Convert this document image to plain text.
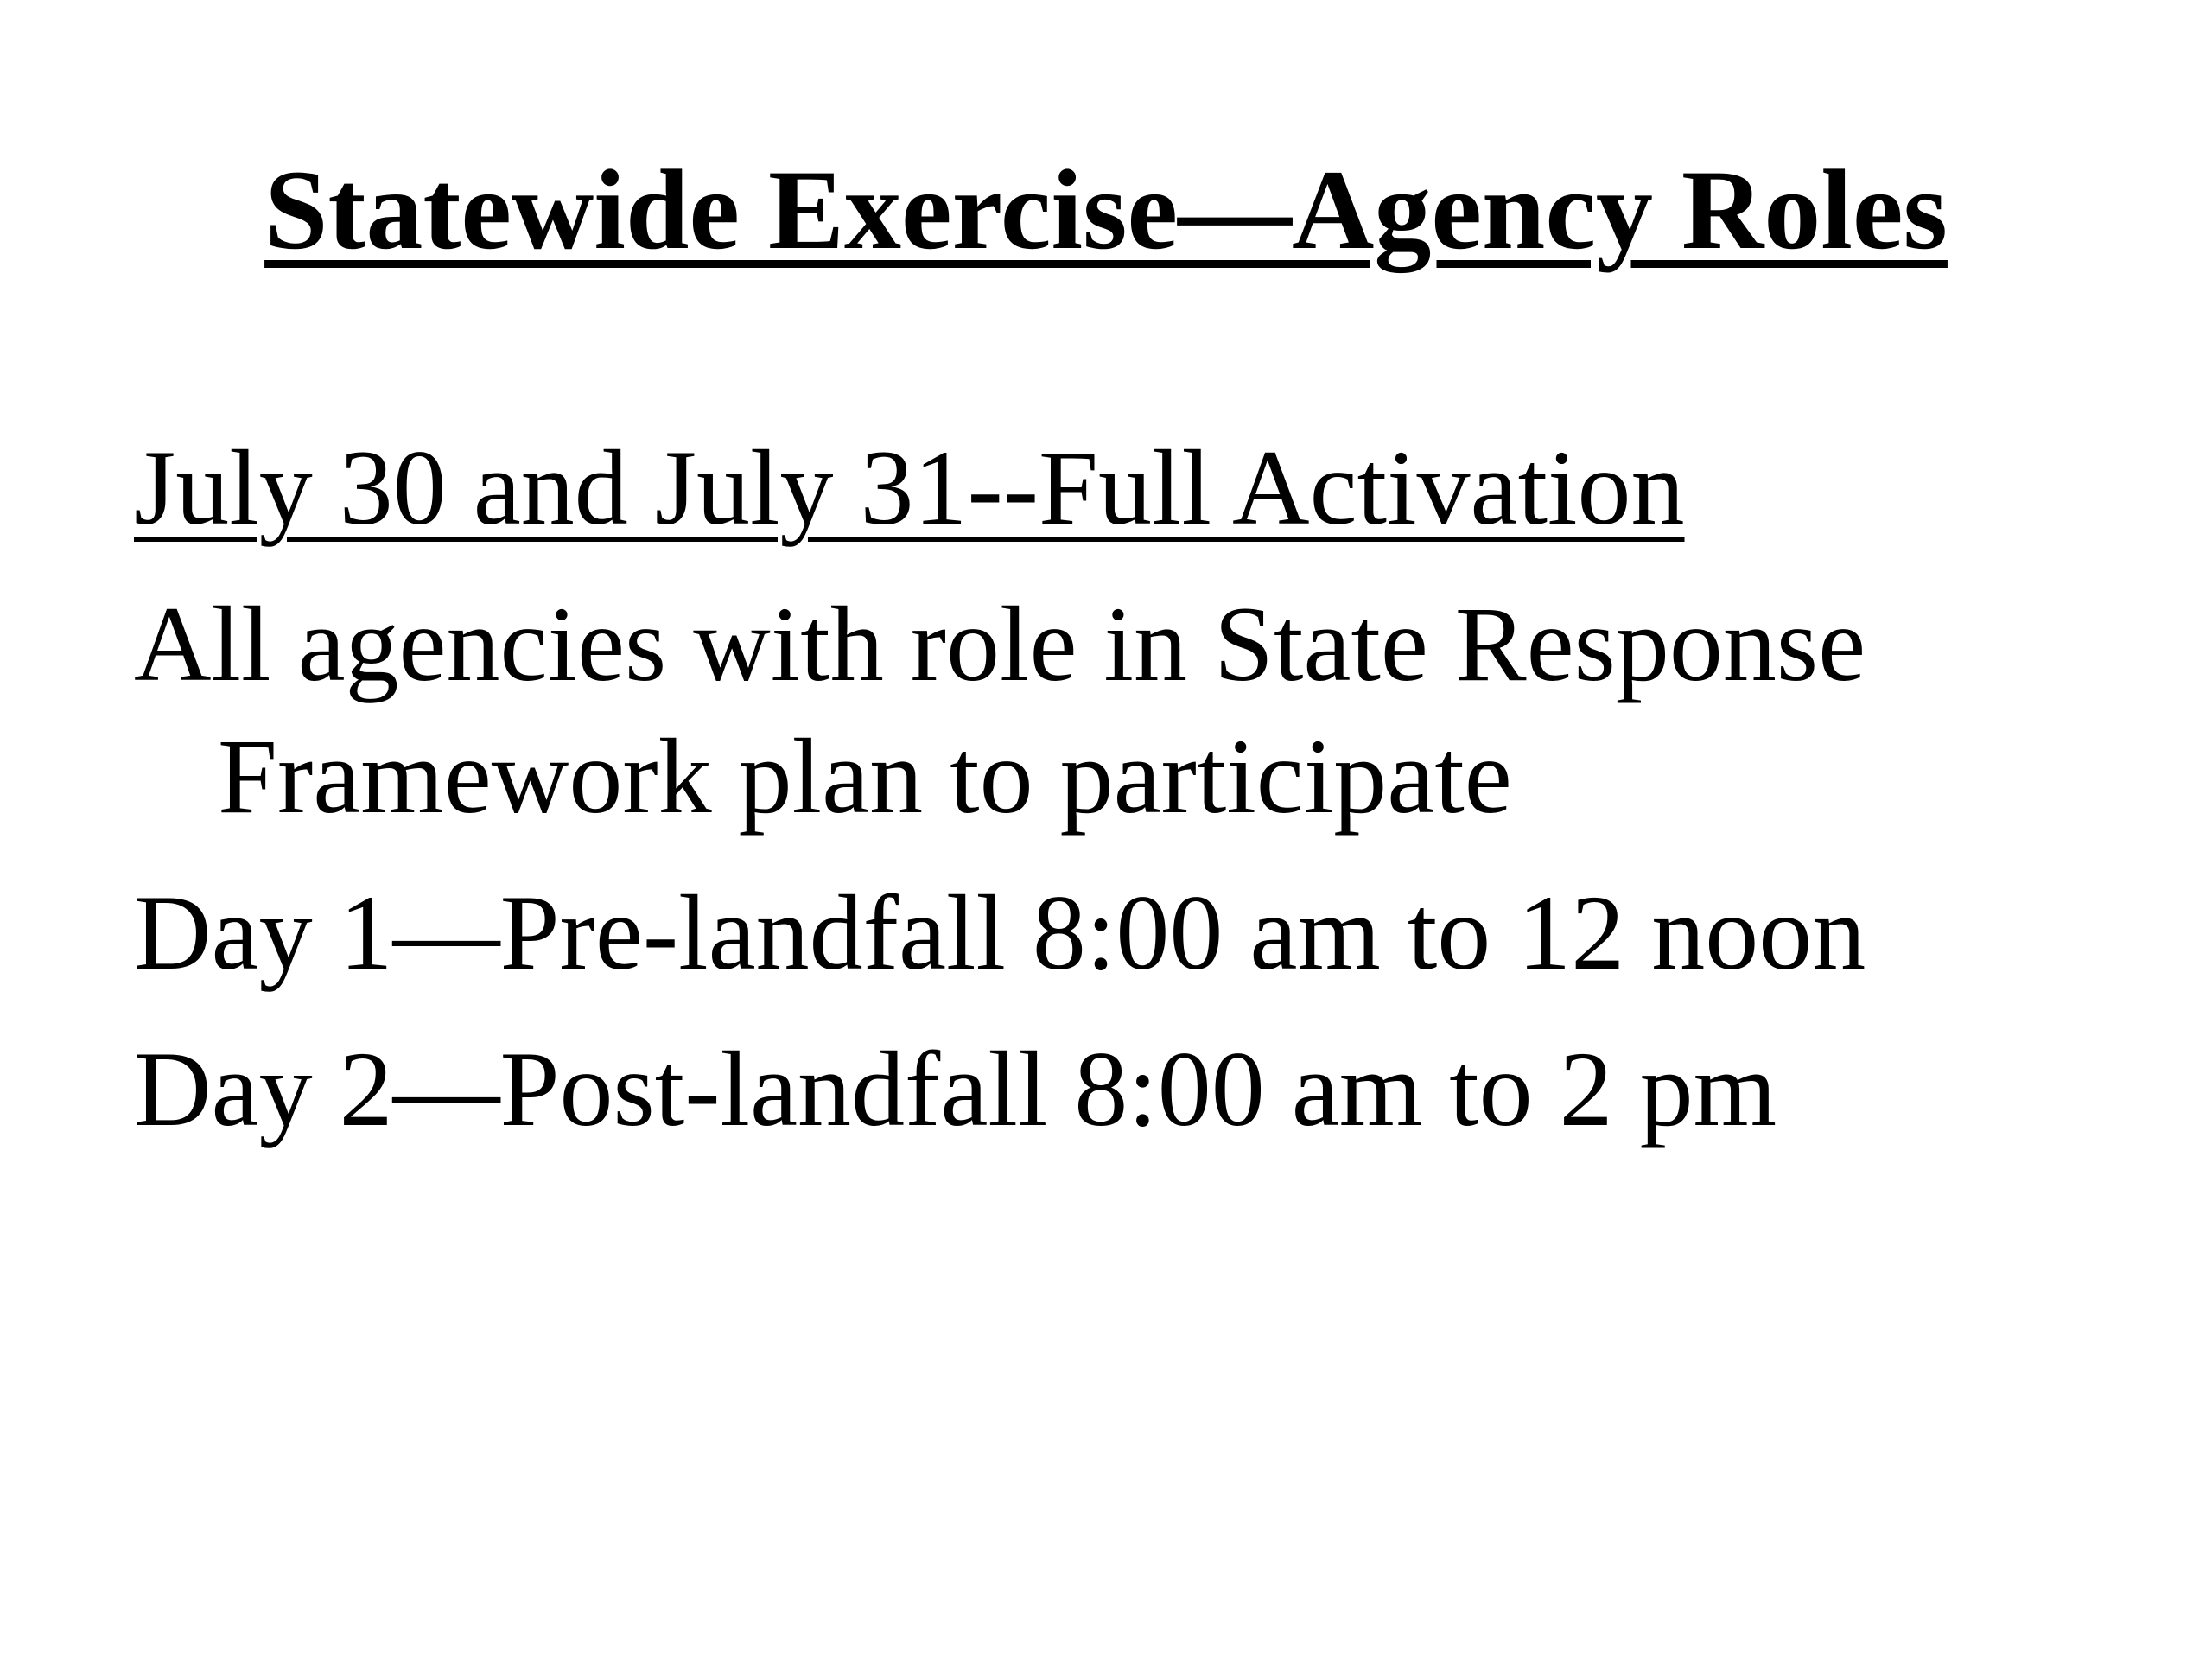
Statewide Exercise—Agency Roles
July 30 and July 31--Full Activation
All agencies with role in State Response
Framework plan to participate
Day 1—Pre-landfall 8:00 am to 12 noon
Day 2—Post-landfall 8:00 am to 2 pm
